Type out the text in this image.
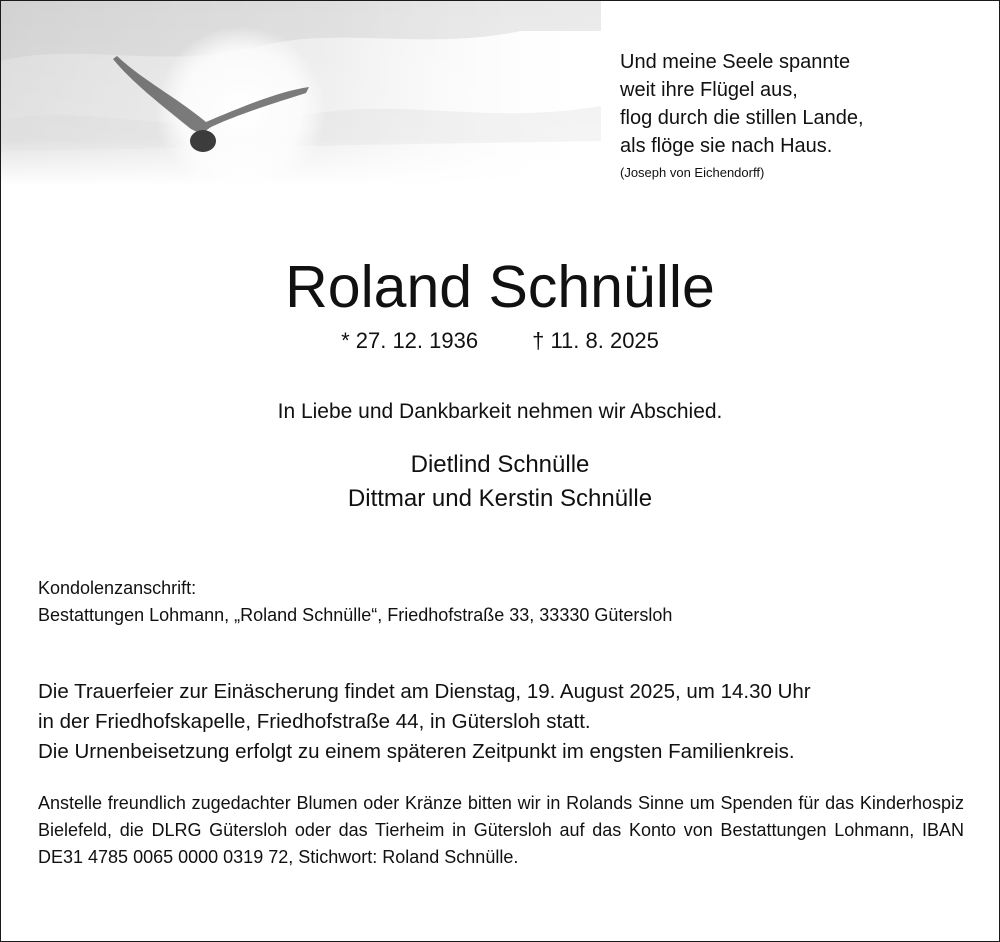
Und meine Seele spannte
weit ihre Flügel aus,
flog durch die stillen Lande,
als flöge sie nach Haus.
(Joseph von Eichendorff)
Roland Schnülle
* 27. 12. 1936 † 11. 8. 2025
In Liebe und Dankbarkeit nehmen wir Abschied.
Dietlind Schnülle
Dittmar und Kerstin Schnülle
Kondolenzanschrift:
Bestattungen Lohmann, „Roland Schnülle“, Friedhofstraße 33, 33330 Gütersloh
Die Trauerfeier zur Einäscherung findet am Dienstag, 19. August 2025, um 14.30 Uhr
in der Friedhofskapelle, Friedhofstraße 44, in Gütersloh statt.
Die Urnenbeisetzung erfolgt zu einem späteren Zeitpunkt im engsten Familienkreis.
Anstelle freundlich zugedachter Blumen oder Kränze bitten wir in Rolands Sinne um Spenden für das Kinderhospiz Bielefeld, die DLRG Gütersloh oder das Tierheim in Gütersloh auf das Konto von Bestattungen Lohmann, IBAN DE31 4785 0065 0000 0319 72, Stichwort: Roland Schnülle.
